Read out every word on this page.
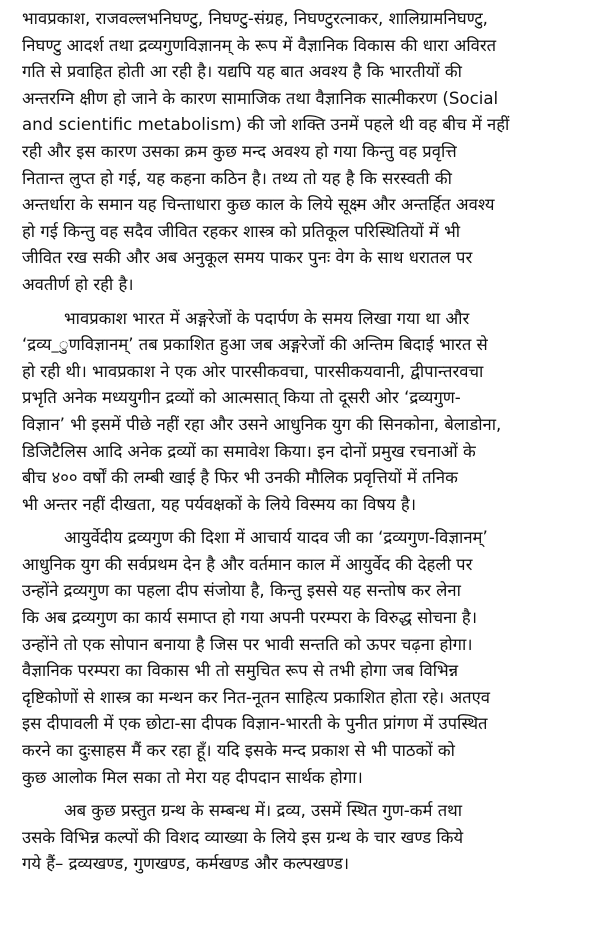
भावप्रकाश, राजवल्लभनिघण्टु, निघण्टु-संग्रह, निघण्टुरत्नाकर, शालिग्रामनिघण्टु,
निघण्टु आदर्श तथा द्रव्यगुणविज्ञानम् के रूप में वैज्ञानिक विकास की धारा अविरत
गति से प्रवाहित होती आ रही है। यद्यपि यह बात अवश्य है कि भारतीयों की
अन्तरग्नि क्षीण हो जाने के कारण सामाजिक तथा वैज्ञानिक सात्मीकरण (Social
and scientific metabolism) की जो शक्ति उनमें पहले थी वह बीच में नहीं
रही और इस कारण उसका क्रम कुछ मन्द अवश्य हो गया किन्तु वह प्रवृत्ति
नितान्त लुप्त हो गई, यह कहना कठिन है। तथ्य तो यह है कि सरस्वती की
अन्तर्धारा के समान यह चिन्ताधारा कुछ काल के लिये सूक्ष्म और अन्तर्हित अवश्य
हो गई किन्तु वह सदैव जीवित रहकर शास्त्र को प्रतिकूल परिस्थितियों में भी
जीवित रख सकी और अब अनुकूल समय पाकर पुनः वेग के साथ धरातल पर
अवतीर्ण हो रही है।

भावप्रकाश भारत में अङ्गरेजों के पदार्पण के समय लिखा गया था और
‘द्रव्य_ुणविज्ञानम्’ तब प्रकाशित हुआ जब अङ्गरेजों की अन्तिम बिदाई भारत से
हो रही थी। भावप्रकाश ने एक ओर पारसीकवचा, पारसीकयवानी, द्वीपान्तरवचा
प्रभृति अनेक मध्ययुगीन द्रव्यों को आत्मसात् किया तो दूसरी ओर ‘द्रव्यगुण-
विज्ञान’ भी इसमें पीछे नहीं रहा और उसने आधुनिक युग की सिनकोना, बेलाडोना,
डिजिटैलिस आदि अनेक द्रव्यों का समावेश किया। इन दोनों प्रमुख रचनाओं के
बीच ४०० वर्षों की लम्बी खाई है फिर भी उनकी मौलिक प्रवृत्तियों में तनिक
भी अन्तर नहीं दीखता, यह पर्यवक्षकों के लिये विस्मय का विषय है।

आयुर्वेदीय द्रव्यगुण की दिशा में आचार्य यादव जी का ‘द्रव्यगुण-विज्ञानम्’
आधुनिक युग की सर्वप्रथम देन है और वर्तमान काल में आयुर्वेद की देहली पर
उन्होंने द्रव्यगुण का पहला दीप संजोया है, किन्तु इससे यह सन्तोष कर लेना
कि अब द्रव्यगुण का कार्य समाप्त हो गया अपनी परम्परा के विरुद्ध सोचना है।
उन्होंने तो एक सोपान बनाया है जिस पर भावी सन्तति को ऊपर चढ़ना होगा।
वैज्ञानिक परम्परा का विकास भी तो समुचित रूप से तभी होगा जब विभिन्न
दृष्टिकोणों से शास्त्र का मन्थन कर नित-नूतन साहित्य प्रकाशित होता रहे। अतएव
इस दीपावली में एक छोटा-सा दीपक विज्ञान-भारती के पुनीत प्रांगण में उपस्थित
करने का दुःसाहस मैं कर रहा हूँ। यदि इसके मन्द प्रकाश से भी पाठकों को
कुछ आलोक मिल सका तो मेरा यह दीपदान सार्थक होगा।

अब कुछ प्रस्तुत ग्रन्थ के सम्बन्ध में। द्रव्य, उसमें स्थित गुण-कर्म तथा
उसके विभिन्न कल्पों की विशद व्याख्या के लिये इस ग्रन्थ के चार खण्ड किये
गये हैं– द्रव्यखण्ड, गुणखण्ड, कर्मखण्ड और कल्पखण्ड।
